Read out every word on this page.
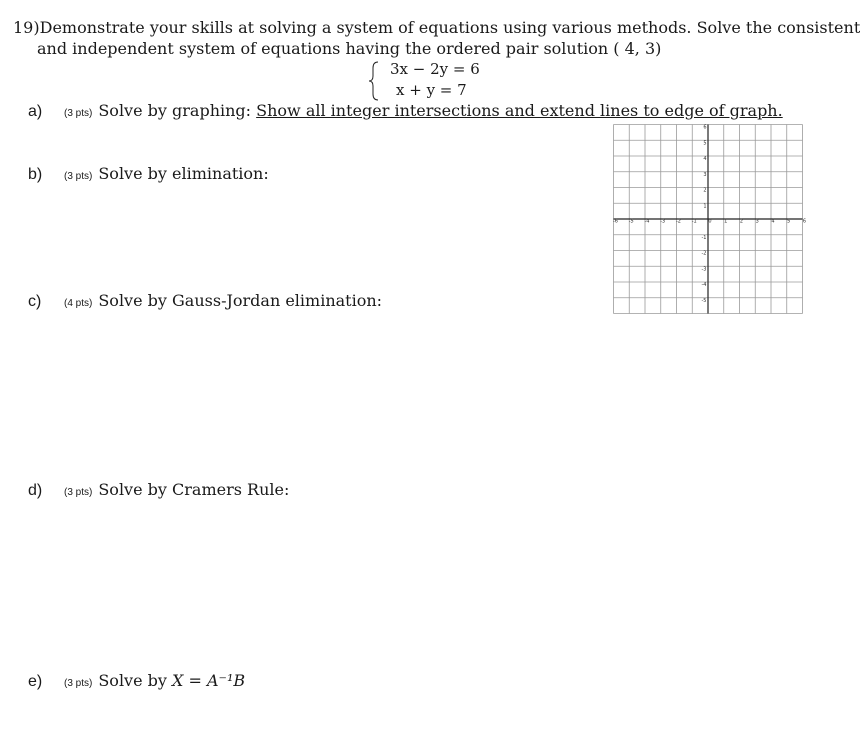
19)Demonstrate your skills at solving a system of equations using various methods. Solve the consistent
and independent system of equations having the ordered pair solution ( 4, 3)
3x − 2y = 6
x + y = 7
a) (3 pts) Solve by graphing: Show all integer intersections and extend lines to edge of graph.
b) (3 pts) Solve by elimination:
c) (4 pts) Solve by Gauss-Jordan elimination:
d) (3 pts) Solve by Cramers Rule:
e) (3 pts) Solve by X = A⁻¹B
-6 -5 -4 -3 -2 -1 0	1	2	3	4	5	6
6
5
4
3
2
1
-1
-2
-3
-4
-5
